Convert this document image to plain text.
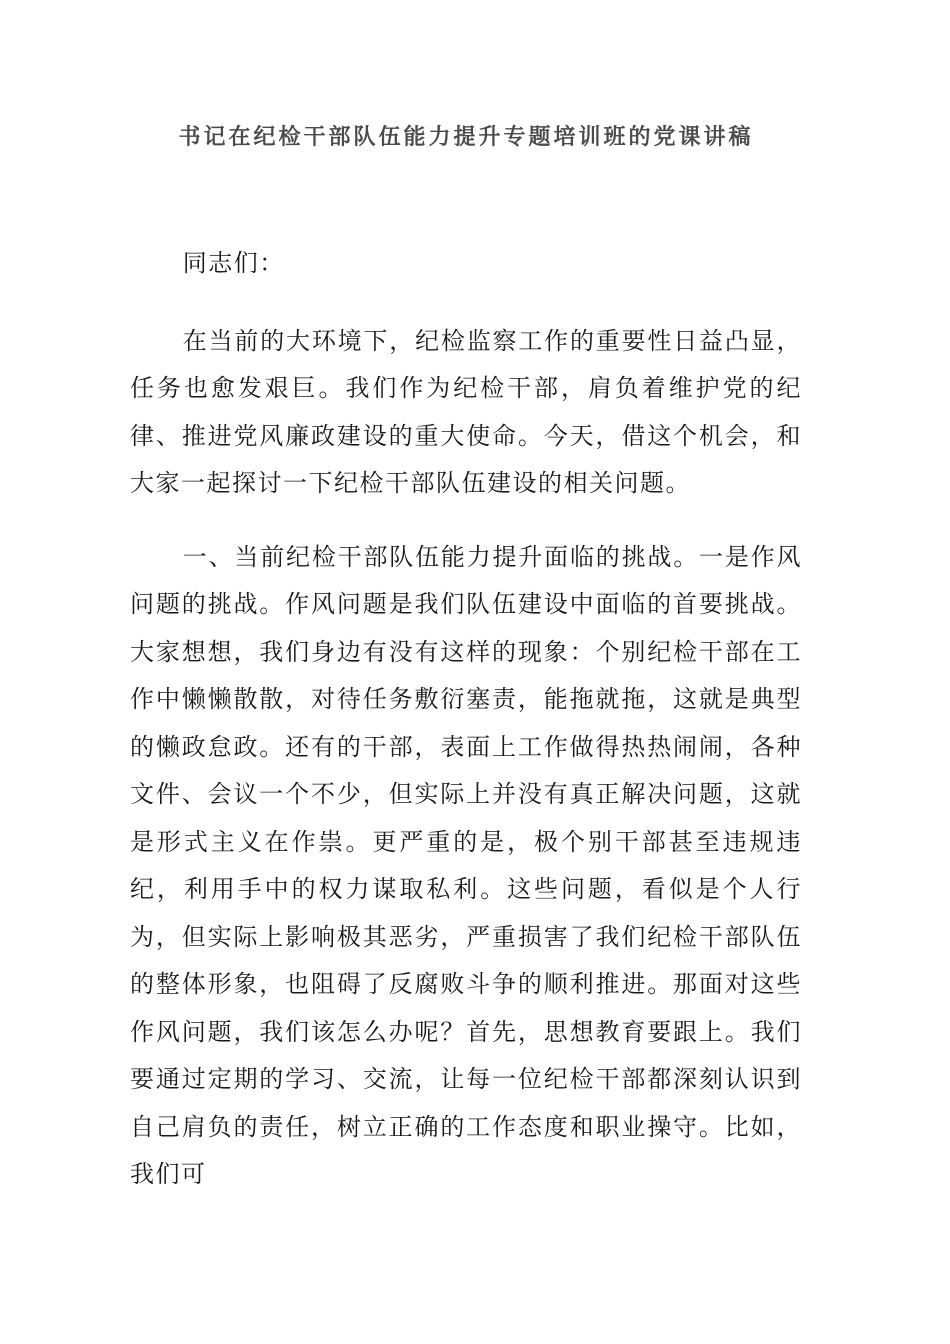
书记在纪检干部队伍能力提升专题培训班的党课讲稿

同志们：

在当前的大环境下，纪检监察工作的重要性日益凸显，任务也愈发艰巨。我们作为纪检干部，肩负着维护党的纪律、推进党风廉政建设的重大使命。今天，借这个机会，和大家一起探讨一下纪检干部队伍建设的相关问题。

一、当前纪检干部队伍能力提升面临的挑战。一是作风问题的挑战。作风问题是我们队伍建设中面临的首要挑战。大家想想，我们身边有没有这样的现象：个别纪检干部在工作中懒懒散散，对待任务敷衍塞责，能拖就拖，这就是典型的懒政怠政。还有的干部，表面上工作做得热热闹闹，各种文件、会议一个不少，但实际上并没有真正解决问题，这就是形式主义在作祟。更严重的是，极个别干部甚至违规违纪，利用手中的权力谋取私利。这些问题，看似是个人行为，但实际上影响极其恶劣，严重损害了我们纪检干部队伍的整体形象，也阻碍了反腐败斗争的顺利推进。那面对这些作风问题，我们该怎么办呢？首先，思想教育要跟上。我们要通过定期的学习、交流，让每一位纪检干部都深刻认识到自己肩负的责任，树立正确的工作态度和职业操守。比如，我们可
